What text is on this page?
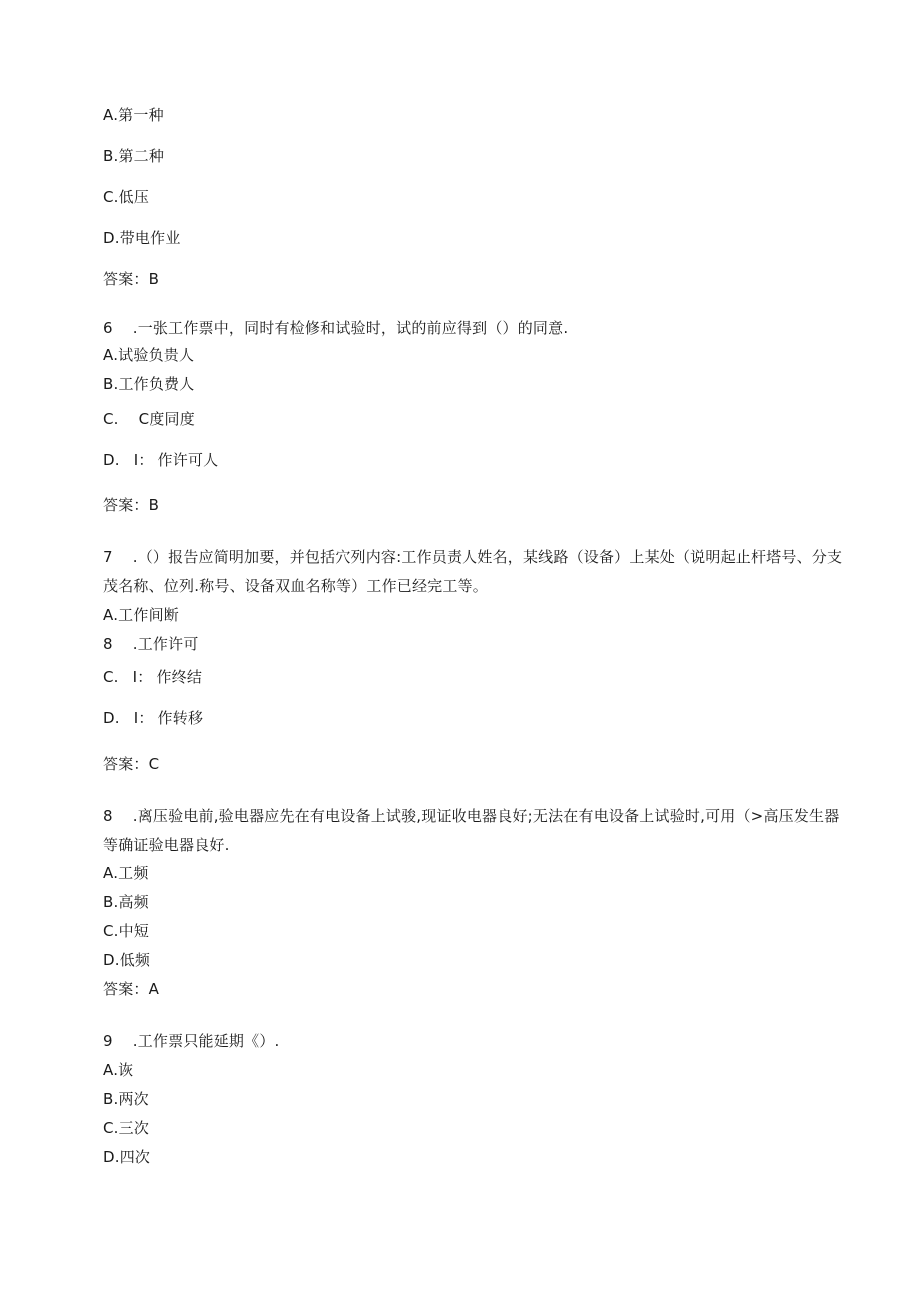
A.第一种
B.第二种
C.低压
D.带电作业
答案：B
6 .一张工作票中，同时有检修和试验时，试的前应得到（）的同意.
A.试验负贵人
B.工作负费人
C. C度同度
D. I： 作许可人
答案：B
7 .（）报告应简明加要，并包括穴列内容:工作员责人姓名，某线路（设备）上某处（说明起止杆塔号、分支
茂名称、位列.称号、设备双血名称等）工作已经完工等。
A.工作间断
8 .工作许可
C. I： 作终结
D. I： 作转移
答案：C
8 .离压验电前,验电器应先在有电设备上试骏,现证收电器良好;无法在有电设备上试验时,可用（>高压发生器
等确证验电器良好.
A.工频
B.高频
C.中短
D.低频
答案：A
9 .工作票只能延期《）.
A.诙
B.两次
C.三次
D.四次
